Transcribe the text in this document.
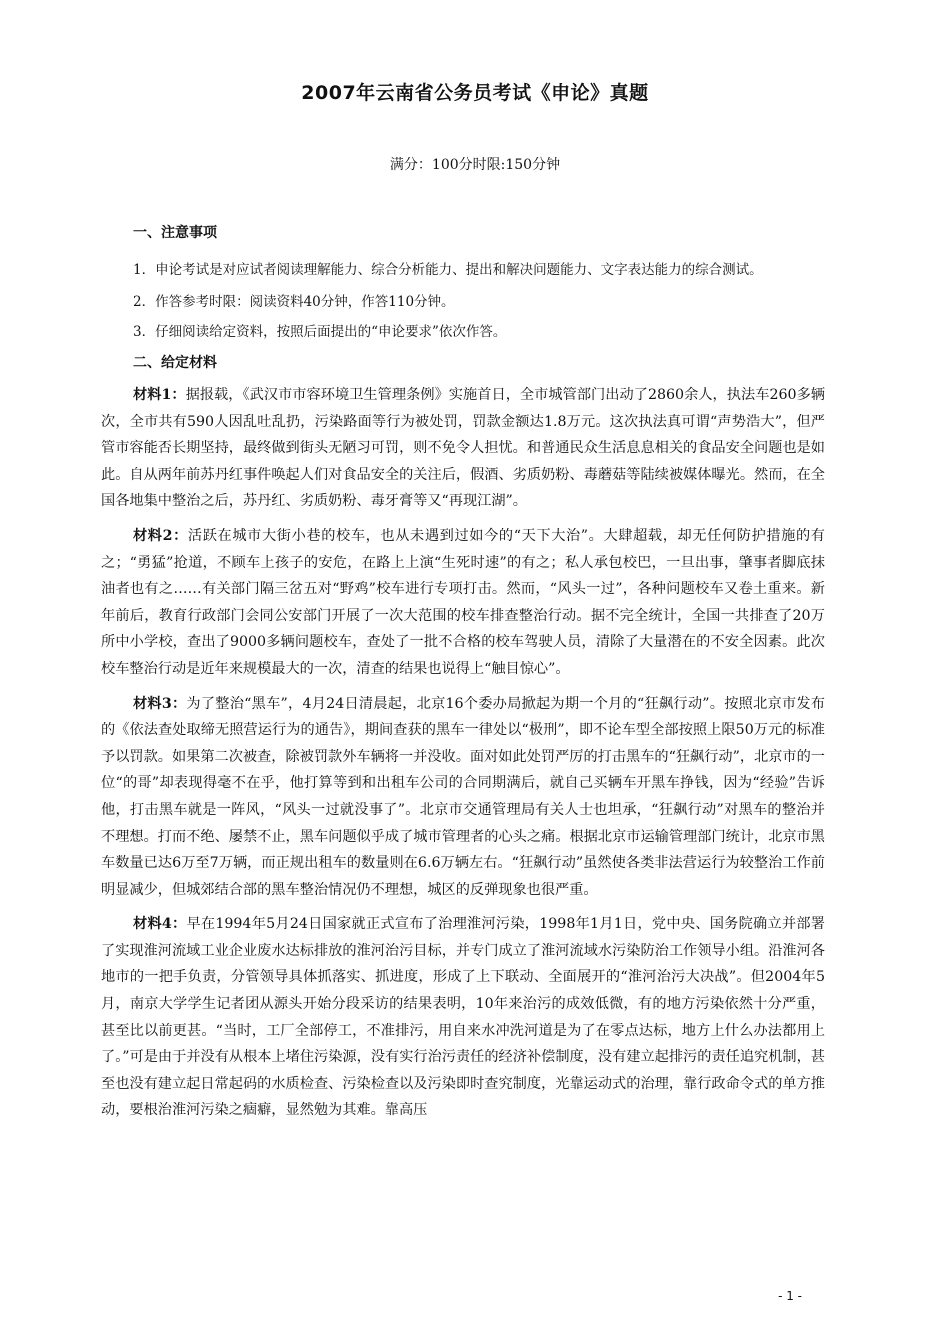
2007年云南省公务员考试《申论》真题

满分：100分时限:150分钟

一、注意事项

1．申论考试是对应试者阅读理解能力、综合分析能力、提出和解决问题能力、文字表达能力的综合测试。

2．作答参考时限：阅读资料40分钟，作答110分钟。

3．仔细阅读给定资料，按照后面提出的“申论要求”依次作答。

二、给定材料

材料1：据报载，《武汉市市容环境卫生管理条例》实施首日，全市城管部门出动了2860余人，执法车260多辆次，全市共有590人因乱吐乱扔，污染路面等行为被处罚，罚款金额达1.8万元。这次执法真可谓“声势浩大”，但严管市容能否长期坚持，最终做到街头无陋习可罚，则不免令人担忧。和普通民众生活息息相关的食品安全问题也是如此。自从两年前苏丹红事件唤起人们对食品安全的关注后，假酒、劣质奶粉、毒蘑菇等陆续被媒体曝光。然而，在全国各地集中整治之后，苏丹红、劣质奶粉、毒牙膏等又“再现江湖”。

材料2：活跃在城市大街小巷的校车，也从未遇到过如今的“天下大治”。大肆超载，却无任何防护措施的有之；“勇猛”抢道，不顾车上孩子的安危，在路上上演“生死时速”的有之；私人承包校巴，一旦出事，肇事者脚底抹油者也有之……有关部门隔三岔五对“野鸡”校车进行专项打击。然而，“风头一过”，各种问题校车又卷土重来。新年前后，教育行政部门会同公安部门开展了一次大范围的校车排查整治行动。据不完全统计，全国一共排查了20万所中小学校，查出了9000多辆问题校车，查处了一批不合格的校车驾驶人员，清除了大量潜在的不安全因素。此次校车整治行动是近年来规模最大的一次，清查的结果也说得上“触目惊心”。

材料3：为了整治“黑车”，4月24日清晨起，北京16个委办局掀起为期一个月的“狂飙行动”。按照北京市发布的《依法查处取缔无照营运行为的通告》，期间查获的黑车一律处以“极刑”，即不论车型全部按照上限50万元的标准予以罚款。如果第二次被查，除被罚款外车辆将一并没收。面对如此处罚严厉的打击黑车的“狂飙行动”，北京市的一位“的哥”却表现得毫不在乎，他打算等到和出租车公司的合同期满后，就自己买辆车开黑车挣钱，因为“经验”告诉他，打击黑车就是一阵风，“风头一过就没事了”。北京市交通管理局有关人士也坦承，“狂飙行动”对黑车的整治并不理想。打而不绝、屡禁不止，黑车问题似乎成了城市管理者的心头之痛。根据北京市运输管理部门统计，北京市黑车数量已达6万至7万辆，而正规出租车的数量则在6.6万辆左右。“狂飙行动”虽然使各类非法营运行为较整治工作前明显减少，但城郊结合部的黑车整治情况仍不理想，城区的反弹现象也很严重。

材料4：早在1994年5月24日国家就正式宣布了治理淮河污染，1998年1月1日，党中央、国务院确立并部署了实现淮河流域工业企业废水达标排放的淮河治污目标，并专门成立了淮河流域水污染防治工作领导小组。沿淮河各地市的一把手负责，分管领导具体抓落实、抓进度，形成了上下联动、全面展开的“淮河治污大决战”。但2004年5月，南京大学学生记者团从源头开始分段采访的结果表明，10年来治污的成效低微，有的地方污染依然十分严重，甚至比以前更甚。“当时，工厂全部停工，不准排污，用自来水冲洗河道是为了在零点达标，地方上什么办法都用上了。”可是由于并没有从根本上堵住污染源，没有实行治污责任的经济补偿制度，没有建立起排污的责任追究机制，甚至也没有建立起日常起码的水质检查、污染检查以及污染即时查究制度，光靠运动式的治理，靠行政命令式的单方推动，要根治淮河污染之痼癖，显然勉为其难。靠高压

- 1 -
